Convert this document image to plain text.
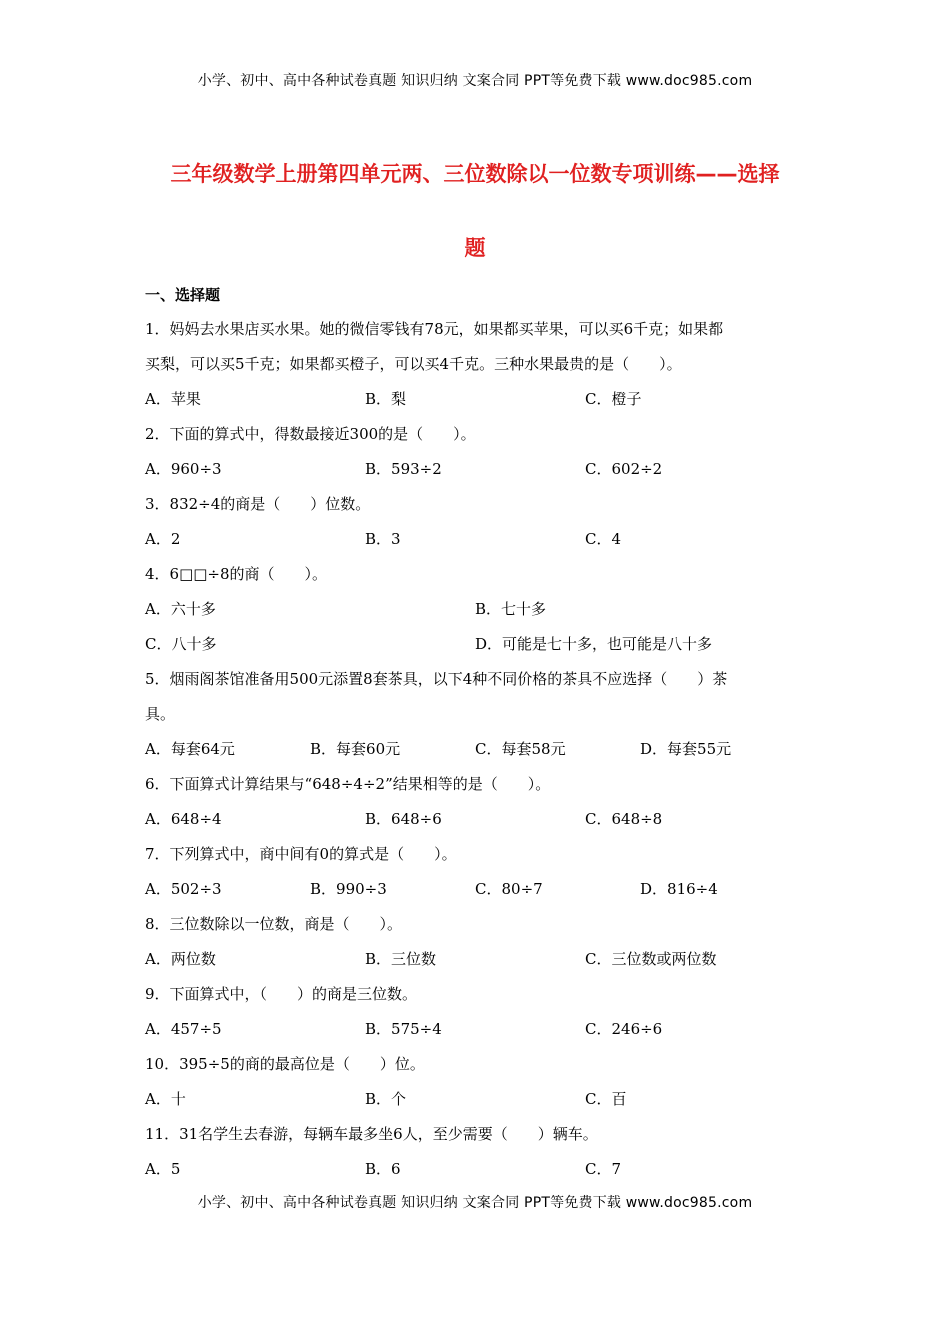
小学、初中、高中各种试卷真题 知识归纳 文案合同 PPT等免费下载 www.doc985.com
三年级数学上册第四单元两、三位数除以一位数专项训练——选择
题
一、选择题
1．妈妈去水果店买水果。她的微信零钱有78元，如果都买苹果，可以买6千克；如果都
买梨，可以买5千克；如果都买橙子，可以买4千克。三种水果最贵的是（　　）。
A．苹果	B．梨	C．橙子
2．下面的算式中，得数最接近300的是（　　）。
A．960÷3	B．593÷2	C．602÷2
3．832÷4的商是（　　）位数。
A．2	B．3	C．4
4．6□□÷8的商（　　）。
A．六十多	B．七十多
C．八十多	D．可能是七十多，也可能是八十多
5．烟雨阁茶馆准备用500元添置8套茶具，以下4种不同价格的茶具不应选择（　　）茶
具。
A．每套64元	B．每套60元	C．每套58元	D．每套55元
6．下面算式计算结果与“648÷4÷2”结果相等的是（　　）。
A．648÷4	B．648÷6	C．648÷8
7．下列算式中，商中间有0的算式是（　　）。
A．502÷3	B．990÷3	C．80÷7	D．816÷4
8．三位数除以一位数，商是（　　）。
A．两位数	B．三位数	C．三位数或两位数
9．下面算式中，（　　）的商是三位数。
A．457÷5	B．575÷4	C．246÷6
10．395÷5的商的最高位是（　　）位。
A．十	B．个	C．百
11．31名学生去春游，每辆车最多坐6人，至少需要（　　）辆车。
A．5	B．6	C．7
小学、初中、高中各种试卷真题 知识归纳 文案合同 PPT等免费下载 www.doc985.com
